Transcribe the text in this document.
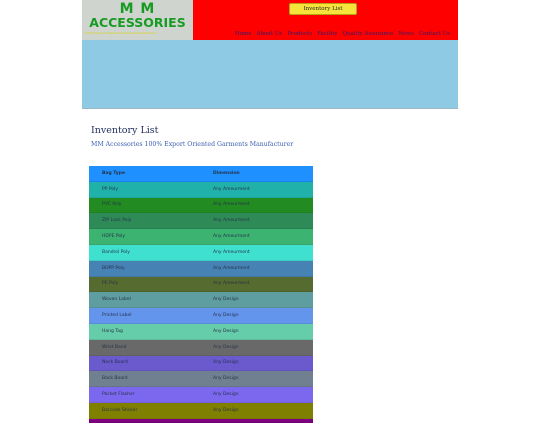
M M
ACCESSORIES
100% Export Oriented Garments Manufacturer
Inventory List
Home About Us Products Facility Quality Assurance News Contact Us
Inventory List
MM Accessories 100% Export Oriented Garments Manufacturer
Bag Type	Dimension
PP Poly	Any Ameurment
PVC Poly	Any Ameurment
ZIP Lock Poly	Any Ameurment
HDPE Poly	Any Ameurment
Bandrol Poly	Any Ameurment
BOPP Poly	Any Ameurment
PE Poly	Any Ameurment
Woven Label	Any Design
Printed Label	Any Design
Hang Tag	Any Design
Wrist Band	Any Design
Neck Board	Any Design
Back Board	Any Design
Pocket Flasher	Any Design
Barcode Sticker	Any Design
